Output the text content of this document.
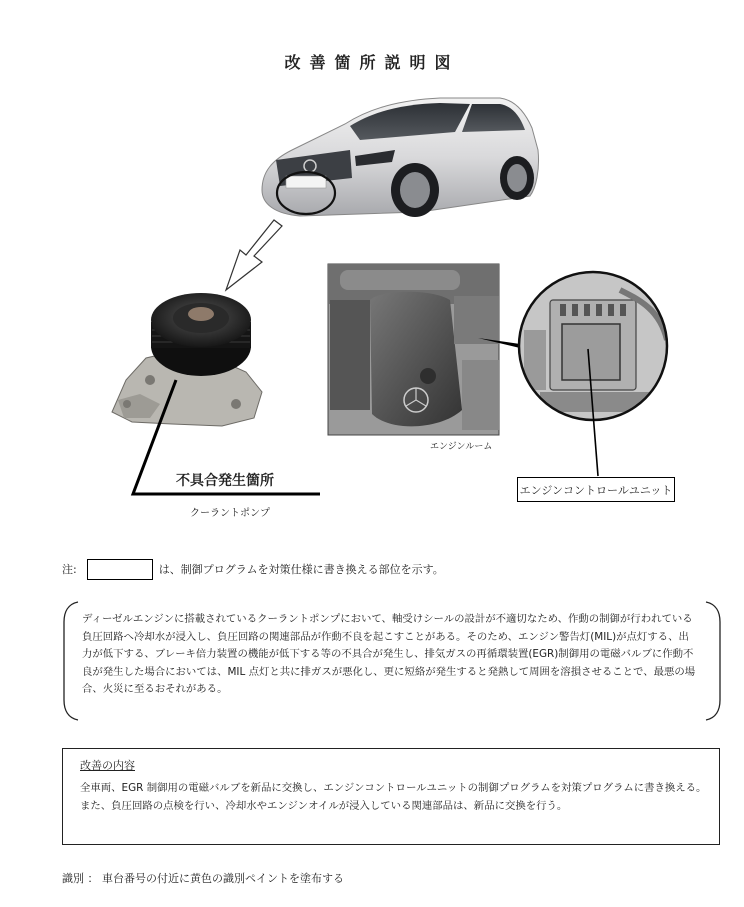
改善箇所説明図
不具合発生箇所
クーラントポンプ
エンジンルーム
エンジンコントロールユニット
注:	は、制御プログラムを対策仕様に書き換える部位を示す。

ディーゼルエンジンに搭載されているクーラントポンプにおいて、軸受けシールの設計が不適切なため、作動の制御が行われている負圧回路へ冷却水が浸入し、負圧回路の関連部品が作動不良を起こすことがある。そのため、エンジン警告灯(MIL)が点灯する、出力が低下する、ブレーキ倍力装置の機能が低下する等の不具合が発生し、排気ガスの再循環装置(EGR)制御用の電磁バルブに作動不良が発生した場合においては、MIL 点灯と共に排ガスが悪化し、更に短絡が発生すると発熱して周囲を溶損させることで、最悪の場合、火災に至るおそれがある。

改善の内容

全車両、EGR 制御用の電磁バルブを新品に交換し、エンジンコントロールユニットの制御プログラムを対策プログラムに書き換える。また、負圧回路の点検を行い、冷却水やエンジンオイルが浸入している関連部品は、新品に交換を行う。

識別 ： 車台番号の付近に黄色の識別ペイントを塗布する
